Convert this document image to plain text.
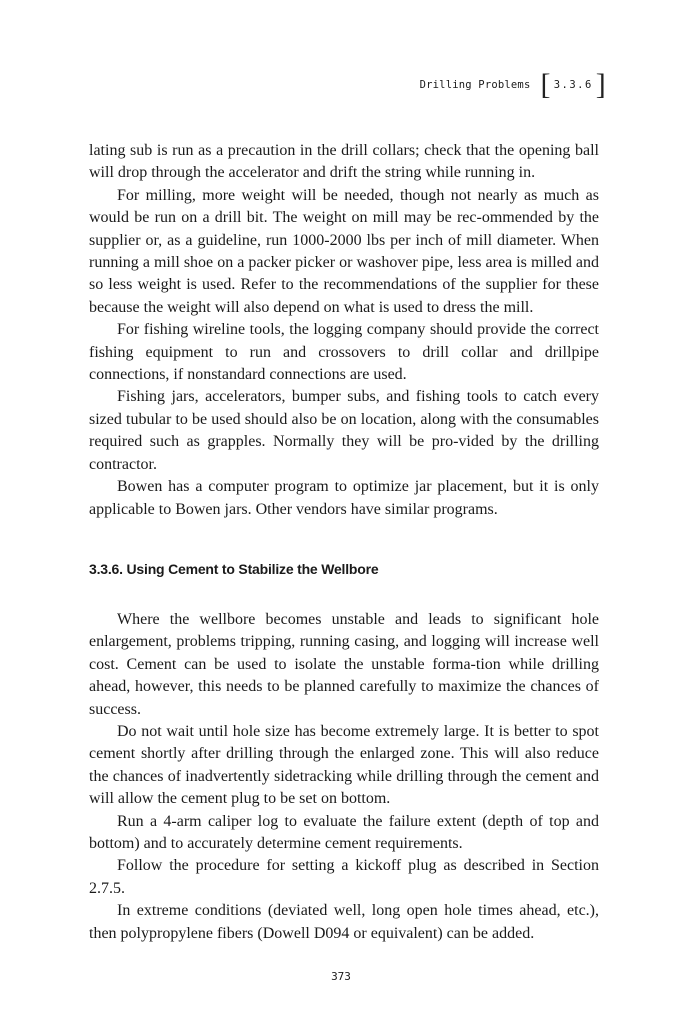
Drilling Problems [ 3.3.6 ]

lating sub is run as a precaution in the drill collars; check that the opening ball will drop through the accelerator and drift the string while running in.

For milling, more weight will be needed, though not nearly as much as would be run on a drill bit. The weight on mill may be rec-ommended by the supplier or, as a guideline, run 1000-2000 lbs per inch of mill diameter. When running a mill shoe on a packer picker or washover pipe, less area is milled and so less weight is used. Refer to the recommendations of the supplier for these because the weight will also depend on what is used to dress the mill.

For fishing wireline tools, the logging company should provide the correct fishing equipment to run and crossovers to drill collar and drillpipe connections, if nonstandard connections are used.

Fishing jars, accelerators, bumper subs, and fishing tools to catch every sized tubular to be used should also be on location, along with the consumables required such as grapples. Normally they will be pro-vided by the drilling contractor.

Bowen has a computer program to optimize jar placement, but it is only applicable to Bowen jars. Other vendors have similar programs.

3.3.6. Using Cement to Stabilize the Wellbore

Where the wellbore becomes unstable and leads to significant hole enlargement, problems tripping, running casing, and logging will increase well cost. Cement can be used to isolate the unstable forma-tion while drilling ahead, however, this needs to be planned carefully to maximize the chances of success.

Do not wait until hole size has become extremely large. It is better to spot cement shortly after drilling through the enlarged zone. This will also reduce the chances of inadvertently sidetracking while drilling through the cement and will allow the cement plug to be set on bottom.

Run a 4-arm caliper log to evaluate the failure extent (depth of top and bottom) and to accurately determine cement requirements.

Follow the procedure for setting a kickoff plug as described in Section 2.7.5.

In extreme conditions (deviated well, long open hole times ahead, etc.), then polypropylene fibers (Dowell D094 or equivalent) can be added.

373
